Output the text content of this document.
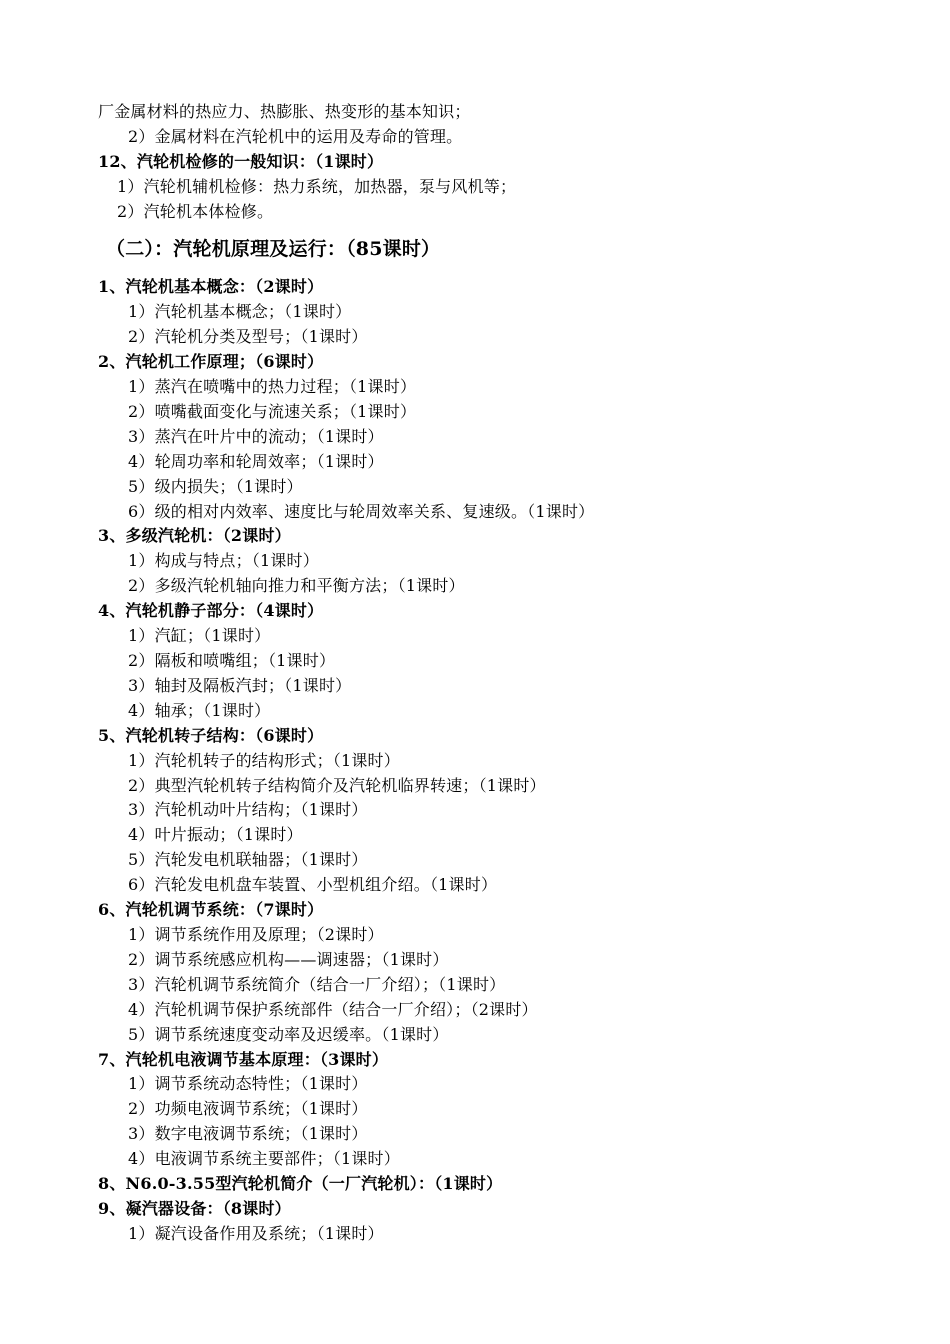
厂金属材料的热应力、热膨胀、热变形的基本知识；
2）金属材料在汽轮机中的运用及寿命的管理。
12、汽轮机检修的一般知识：（1课时）
1）汽轮机辅机检修：热力系统，加热器，泵与风机等；
2）汽轮机本体检修。
（二）：汽轮机原理及运行：（85课时）
1、汽轮机基本概念：（2课时）
1）汽轮机基本概念；（1课时）
2）汽轮机分类及型号；（1课时）
2、汽轮机工作原理；（6课时）
1）蒸汽在喷嘴中的热力过程；（1课时）
2）喷嘴截面变化与流速关系；（1课时）
3）蒸汽在叶片中的流动；（1课时）
4）轮周功率和轮周效率；（1课时）
5）级内损失；（1课时）
6）级的相对内效率、速度比与轮周效率关系、复速级。（1课时）
3、多级汽轮机：（2课时）
1）构成与特点；（1课时）
2）多级汽轮机轴向推力和平衡方法；（1课时）
4、汽轮机静子部分：（4课时）
1）汽缸；（1课时）
2）隔板和喷嘴组；（1课时）
3）轴封及隔板汽封；（1课时）
4）轴承；（1课时）
5、汽轮机转子结构：（6课时）
1）汽轮机转子的结构形式；（1课时）
2）典型汽轮机转子结构简介及汽轮机临界转速；（1课时）
3）汽轮机动叶片结构；（1课时）
4）叶片振动；（1课时）
5）汽轮发电机联轴器；（1课时）
6）汽轮发电机盘车装置、小型机组介绍。（1课时）
6、汽轮机调节系统：（7课时）
1）调节系统作用及原理；（2课时）
2）调节系统感应机构——调速器；（1课时）
3）汽轮机调节系统简介（结合一厂介绍）；（1课时）
4）汽轮机调节保护系统部件（结合一厂介绍）；（2课时）
5）调节系统速度变动率及迟缓率。（1课时）
7、汽轮机电液调节基本原理：（3课时）
1）调节系统动态特性；（1课时）
2）功频电液调节系统；（1课时）
3）数字电液调节系统；（1课时）
4）电液调节系统主要部件；（1课时）
8、N6.0-3.55型汽轮机简介（一厂汽轮机）：（1课时）
9、凝汽器设备：（8课时）
1）凝汽设备作用及系统；（1课时）
